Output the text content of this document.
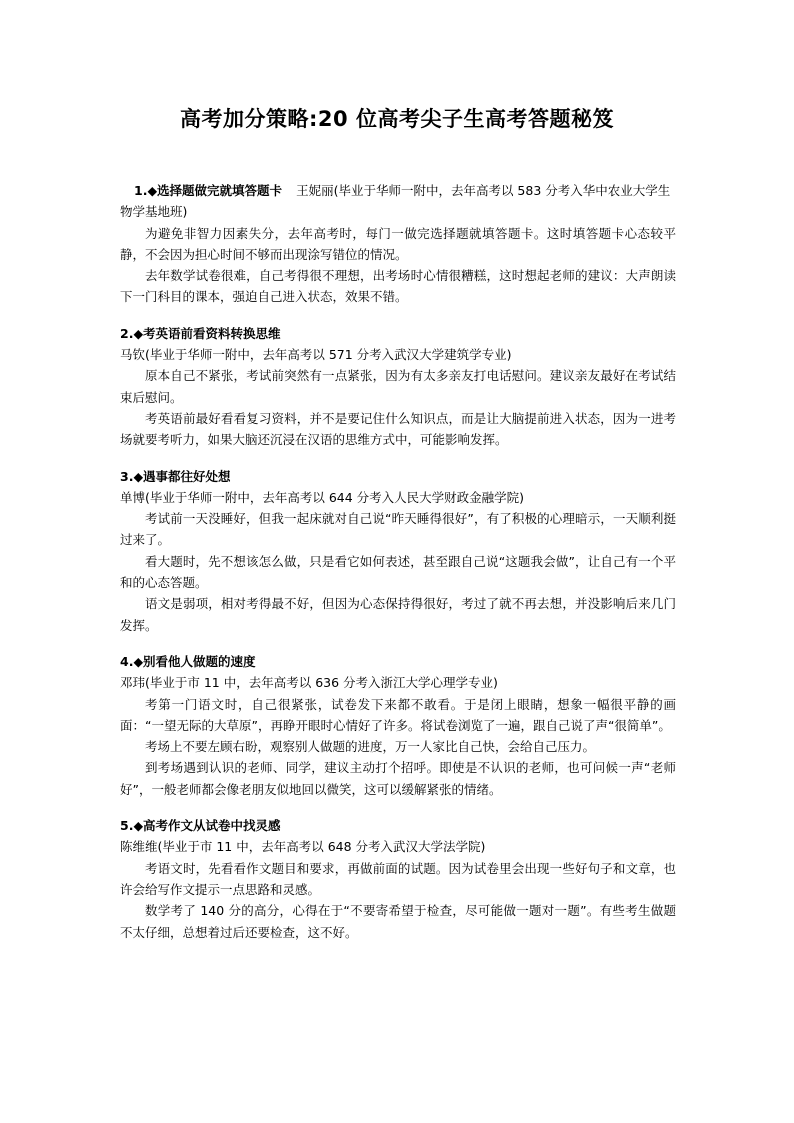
高考加分策略:20 位高考尖子生高考答题秘笈

1.◆选择题做完就填答题卡 王妮丽(毕业于华师一附中，去年高考以 583 分考入华中农业大学生物学基地班)

为避免非智力因素失分，去年高考时，每门一做完选择题就填答题卡。这时填答题卡心态较平静，不会因为担心时间不够而出现涂写错位的情况。

去年数学试卷很难，自己考得很不理想，出考场时心情很糟糕，这时想起老师的建议：大声朗读下一门科目的课本，强迫自己进入状态，效果不错。

2.◆考英语前看资料转换思维

马钦(毕业于华师一附中，去年高考以 571 分考入武汉大学建筑学专业)

原本自己不紧张，考试前突然有一点紧张，因为有太多亲友打电话慰问。建议亲友最好在考试结束后慰问。

考英语前最好看看复习资料，并不是要记住什么知识点，而是让大脑提前进入状态，因为一进考场就要考听力，如果大脑还沉浸在汉语的思维方式中，可能影响发挥。

3.◆遇事都往好处想

单博(毕业于华师一附中，去年高考以 644 分考入人民大学财政金融学院)

考试前一天没睡好，但我一起床就对自己说“昨天睡得很好”，有了积极的心理暗示，一天顺利挺过来了。

看大题时，先不想该怎么做，只是看它如何表述，甚至跟自己说“这题我会做”，让自己有一个平和的心态答题。

语文是弱项，相对考得最不好，但因为心态保持得很好，考过了就不再去想，并没影响后来几门发挥。

4.◆别看他人做题的速度

邓玮(毕业于市 11 中，去年高考以 636 分考入浙江大学心理学专业)

考第一门语文时，自己很紧张，试卷发下来都不敢看。于是闭上眼睛，想象一幅很平静的画面：“一望无际的大草原”，再睁开眼时心情好了许多。将试卷浏览了一遍，跟自己说了声“很简单”。

考场上不要左顾右盼，观察别人做题的进度，万一人家比自己快，会给自己压力。

到考场遇到认识的老师、同学，建议主动打个招呼。即使是不认识的老师，也可问候一声“老师好”，一般老师都会像老朋友似地回以微笑，这可以缓解紧张的情绪。

5.◆高考作文从试卷中找灵感

陈维维(毕业于市 11 中，去年高考以 648 分考入武汉大学法学院)

考语文时，先看看作文题目和要求，再做前面的试题。因为试卷里会出现一些好句子和文章，也许会给写作文提示一点思路和灵感。

数学考了 140 分的高分，心得在于“不要寄希望于检查，尽可能做一题对一题”。有些考生做题不太仔细，总想着过后还要检查，这不好。
